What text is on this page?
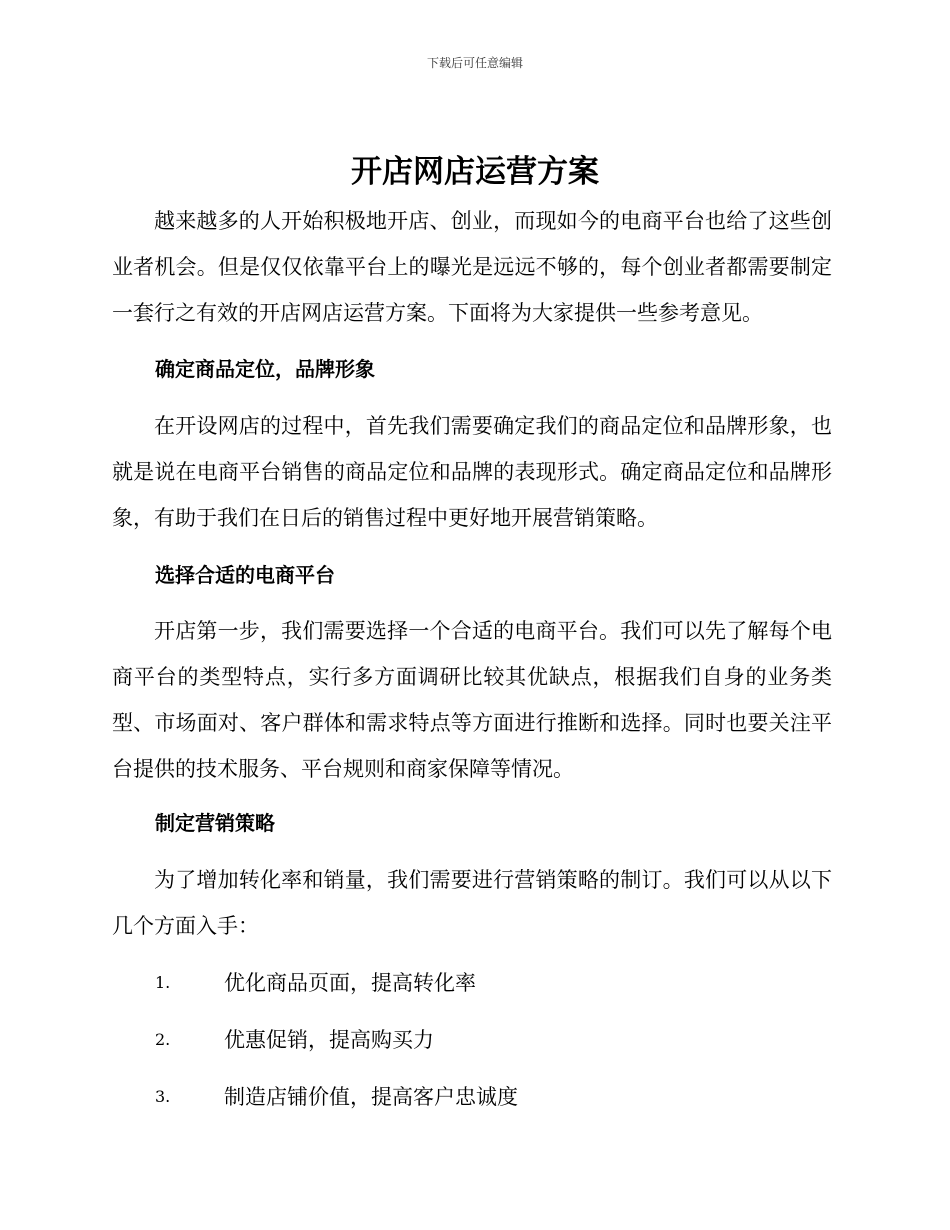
下载后可任意编辑
开店网店运营方案

越来越多的人开始积极地开店、创业，而现如今的电商平台也给了这些创业者机会。但是仅仅依靠平台上的曝光是远远不够的，每个创业者都需要制定一套行之有效的开店网店运营方案。下面将为大家提供一些参考意见。

确定商品定位，品牌形象

在开设网店的过程中，首先我们需要确定我们的商品定位和品牌形象，也就是说在电商平台销售的商品定位和品牌的表现形式。确定商品定位和品牌形象，有助于我们在日后的销售过程中更好地开展营销策略。

选择合适的电商平台

开店第一步，我们需要选择一个合适的电商平台。我们可以先了解每个电商平台的类型特点，实行多方面调研比较其优缺点，根据我们自身的业务类型、市场面对、客户群体和需求特点等方面进行推断和选择。同时也要关注平台提供的技术服务、平台规则和商家保障等情况。

制定营销策略

为了增加转化率和销量，我们需要进行营销策略的制订。我们可以从以下几个方面入手：

1.	优化商品页面，提高转化率
2.	优惠促销，提高购买力
3.	制造店铺价值，提高客户忠诚度
